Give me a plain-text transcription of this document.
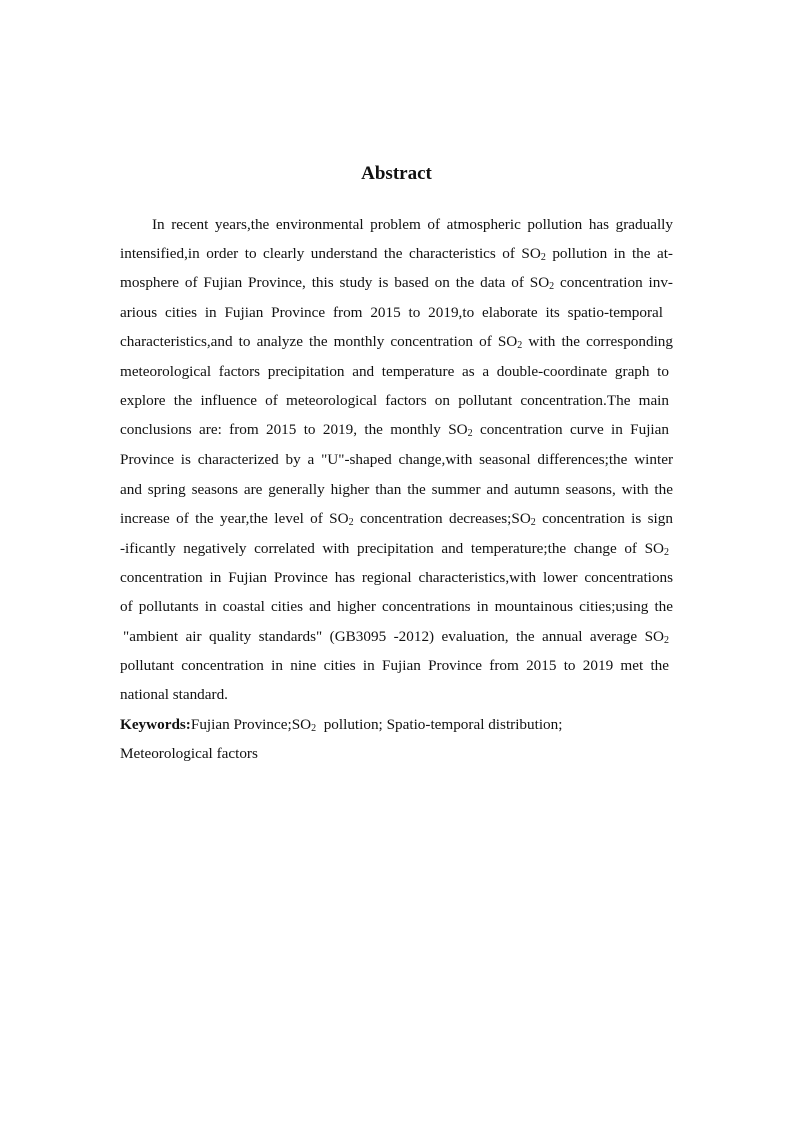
Abstract
In recent years,the environmental problem of atmospheric pollution has gradually
intensified,in order to clearly understand the characteristics of $SO_2$ pollution in the at-
mosphere of Fujian Province, this study is based on the data of $SO_2$ concentration inv-
arious cities in Fujian Province from 2015 to 2019,to elaborate its spatio-temporal
characteristics,and to analyze the monthly concentration of $SO_2$ with the corresponding
meteorological factors precipitation and temperature as a double-coordinate graph to
explore the influence of meteorological factors on pollutant concentration.The main
conclusions are: from 2015 to 2019, the monthly $SO_2$ concentration curve in Fujian
Province is characterized by a "U"-shaped change,with seasonal differences;the winter
and spring seasons are generally higher than the summer and autumn seasons, with the
increase of the year,the level of $SO_2$ concentration $decreases;SO_2$ concentration is sign
-ificantly negatively correlated with precipitation and temperature;the change of $SO_2$
concentration in Fujian Province has regional characteristics,with lower concentrations
of pollutants in coastal cities and higher concentrations in mountainous cities;using the
"ambient air quality standards" (GB3095 -2012) evaluation, the annual average $SO_2$
pollutant concentration in nine cities in Fujian Province from 2015 to 2019 met the
national standard.
Keywords:Fujian $Province;SO_2$  pollution; Spatio-temporal distribution;
Meteorological factors
